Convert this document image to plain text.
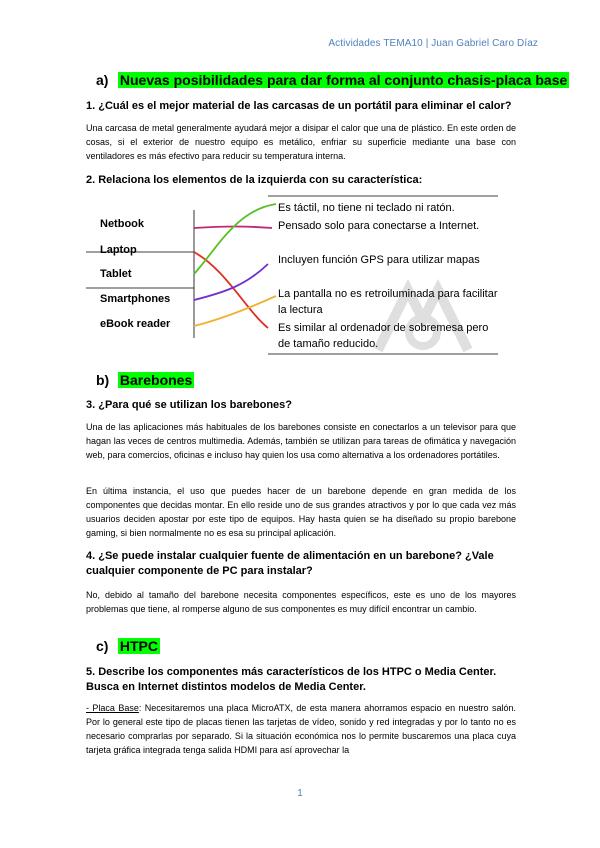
Actividades TEMA10 | Juan Gabriel Caro Díaz
a) Nuevas posibilidades para dar forma al conjunto chasis-placa base
1. ¿Cuál es el mejor material de las carcasas de un portátil para eliminar el calor?
Una carcasa de metal generalmente ayudará mejor a disipar el calor que una de plástico. En este orden de cosas, si el exterior de nuestro equipo es metálico, enfriar su superficie mediante una base con ventiladores es más efectivo para reducir su temperatura interna.
2. Relaciona los elementos de la izquierda con su característica:
Netbook
Laptop
Tablet
Smartphones
eBook reader
Es táctil, no tiene ni teclado ni ratón.
Pensado solo para conectarse a Internet.
Incluyen función GPS para utilizar mapas
La pantalla no es retroiluminada para facilitar la lectura
Es similar al ordenador de sobremesa pero de tamaño reducido.
b) Barebones
3. ¿Para qué se utilizan los barebones?
Una de las aplicaciones más habituales de los barebones consiste en conectarlos a un televisor para que hagan las veces de centros multimedia. Además, también se utilizan para tareas de ofimática y navegación web, para comercios, oficinas e incluso hay quien los usa como alternativa a los ordenadores portátiles.
En última instancia, el uso que puedes hacer de un barebone depende en gran medida de los componentes que decidas montar. En ello reside uno de sus grandes atractivos y por lo que cada vez más usuarios deciden apostar por este tipo de equipos. Hay hasta quien se ha diseñado su propio barebone gaming, si bien normalmente no es esa su principal aplicación.
4. ¿Se puede instalar cualquier fuente de alimentación en un barebone? ¿Vale cualquier componente de PC para instalar?
No, debido al tamaño del barebone necesita componentes específicos, este es uno de los mayores problemas que tiene, al romperse alguno de sus componentes es muy difícil encontrar un cambio.
c) HTPC
5. Describe los componentes más característicos de los HTPC o Media Center. Busca en Internet distintos modelos de Media Center.
- Placa Base: Necesitaremos una placa MicroATX, de esta manera ahorramos espacio en nuestro salón. Por lo general este tipo de placas tienen las tarjetas de vídeo, sonido y red integradas y por lo tanto no es necesario comprarlas por separado. Si la situación económica nos lo permite buscaremos una placa cuya tarjeta gráfica integrada tenga salida HDMI para así aprovechar la
1
